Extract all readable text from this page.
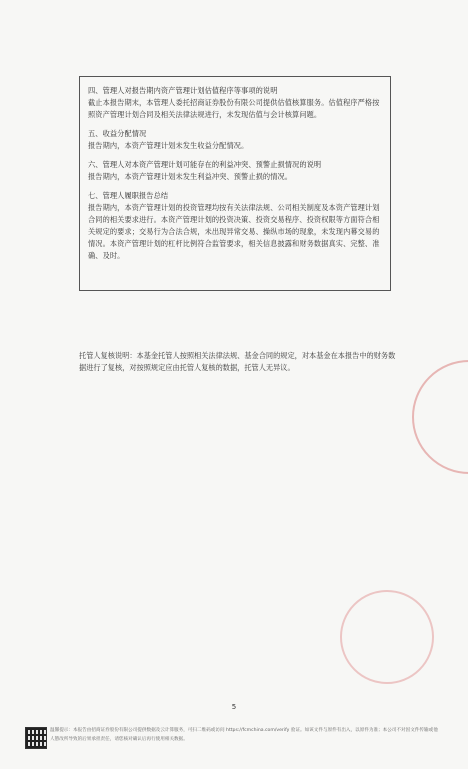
四、管理人对报告期内资产管理计划估值程序等事项的说明

截止本报告期末，本管理人委托招商证券股份有限公司提供估值核算服务。估值程序严格按照资产管理计划合同及相关法律法规进行，未发现估值与会计核算问题。

五、收益分配情况

报告期内，本资产管理计划未发生收益分配情况。

六、管理人对本资产管理计划可能存在的利益冲突、预警止损情况的说明

报告期内，本资产管理计划未发生利益冲突、预警止损的情况。

七、管理人履职报告总结

报告期内，本资产管理计划的投资管理均按有关法律法规、公司相关制度及本资产管理计划合同的相关要求进行。本资产管理计划的投资决策、投资交易程序、投资权限等方面符合相关规定的要求；交易行为合法合规，未出现异常交易、操纵市场的现象，未发现内幕交易的情况。本资产管理计划的杠杆比例符合监管要求，相关信息披露和财务数据真实、完整、准确、及时。

托管人复核说明：本基金托管人按照相关法律法规、基金合同的规定，对本基金在本报告中的财务数据进行了复核，对按照规定应由托管人复核的数据，托管人无异议。

5
温馨提示：本报告由招商证券股份有限公司提供数据及云计算服务，可扫二维码或访问 https://fcmchina.com/verify 验证。如该文件与原件有出入，以原件为准；本公司不对因文件传输或他人篡改所导致的后果承担责任，请您核对确认后再行使用相关数据。
